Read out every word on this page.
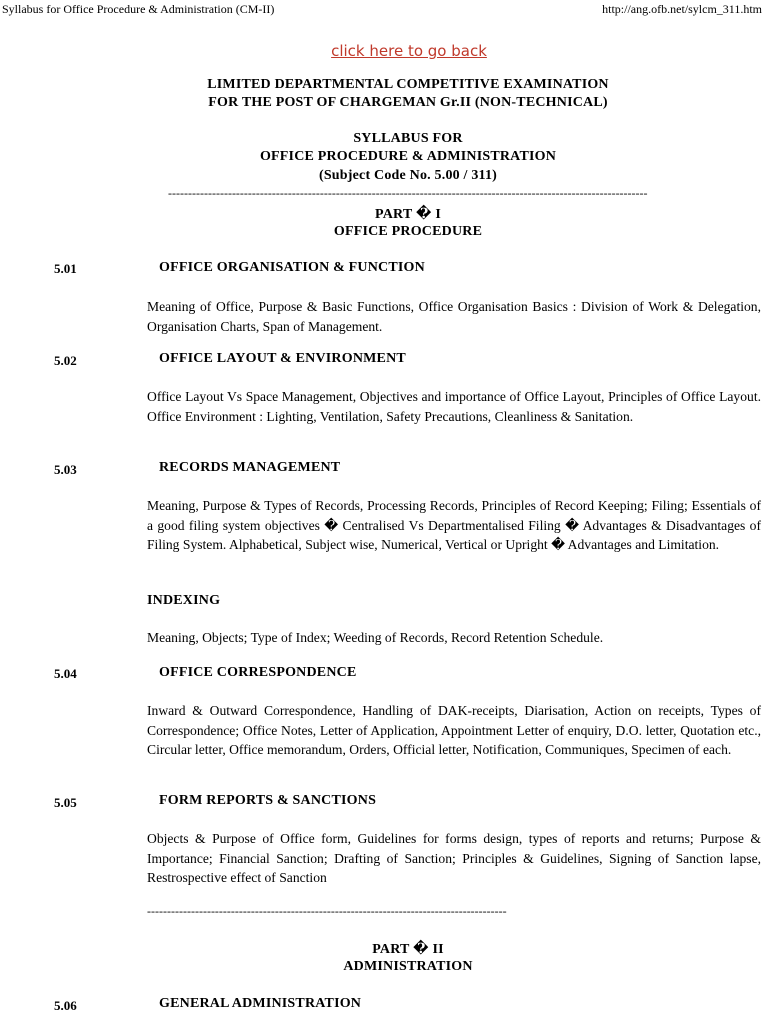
Syllabus for Office Procedure & Administration (CM-II)	http://ang.ofb.net/sylcm_311.htm
click here to go back
LIMITED DEPARTMENTAL COMPETITIVE EXAMINATION
FOR THE POST OF CHARGEMAN Gr.II (NON-TECHNICAL)
SYLLABUS FOR
OFFICE PROCEDURE & ADMINISTRATION
(Subject Code No. 5.00 / 311)
------------------------------------------------------------------------------------------------------------------------
PART � I
OFFICE PROCEDURE
5.01	OFFICE ORGANISATION & FUNCTION
Meaning of Office, Purpose & Basic Functions, Office Organisation Basics : Division of Work & Delegation, Organisation Charts, Span of Management.
5.02	OFFICE LAYOUT & ENVIRONMENT
Office Layout Vs Space Management, Objectives and importance of Office Layout, Principles of Office Layout. Office Environment : Lighting, Ventilation, Safety Precautions, Cleanliness & Sanitation.
5.03	RECORDS MANAGEMENT
Meaning, Purpose & Types of Records, Processing Records, Principles of Record Keeping; Filing; Essentials of a good filing system objectives � Centralised Vs Departmentalised Filing � Advantages & Disadvantages of Filing System. Alphabetical, Subject wise, Numerical, Vertical or Upright � Advantages and Limitation.
INDEXING
Meaning, Objects; Type of Index; Weeding of Records, Record Retention Schedule.
5.04	OFFICE CORRESPONDENCE
Inward & Outward Correspondence, Handling of DAK-receipts, Diarisation, Action on receipts, Types of Correspondence; Office Notes, Letter of Application, Appointment Letter of enquiry, D.O. letter, Quotation etc., Circular letter, Office memorandum, Orders, Official letter, Notification, Communiques, Specimen of each.
5.05	FORM REPORTS & SANCTIONS
Objects & Purpose of Office form, Guidelines for forms design, types of reports and returns; Purpose & Importance; Financial Sanction; Drafting of Sanction; Principles & Guidelines, Signing of Sanction lapse, Restrospective effect of Sanction
------------------------------------------------------------------------------------------
PART � II
ADMINISTRATION
5.06	GENERAL ADMINISTRATION
